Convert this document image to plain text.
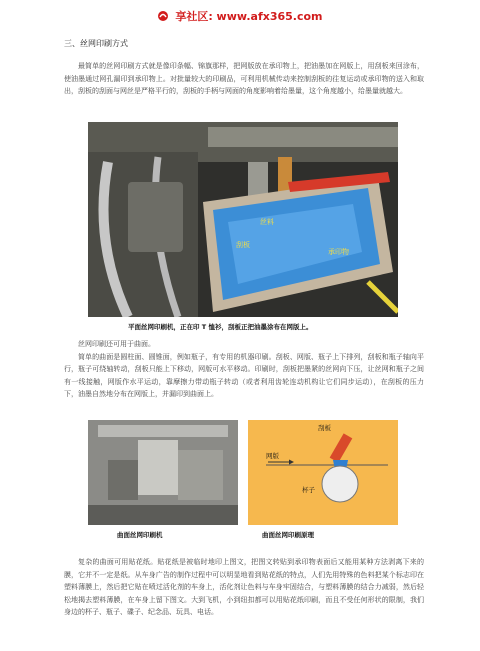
享社区: www.afx365.com
三、丝网印刷方式

最简单的丝网印刷方式就是像印条幅、锦旗那样，把网版放在承印物上，把油墨加在网版上，用刮板来回涂布，使油墨通过网孔漏印到承印物上。对批量较大的印刷品，可利用机械传动来控制刮板的往复运动或承印物的送入和取出，刮板的刮面与网丝是严格平行的，刮板的手柄与网面的角度影响着给墨量，这个角度越小，给墨量就越大。

丝料
刮板
承印物
平面丝网印刷机，正在印 T 恤衫，刮板正把油墨涂布在网版上。

丝网印刷还可用于曲面。

简单的曲面是圆柱面、圆锥面，例如瓶子，有专用的机器印刷。刮板、网版、瓶子上下排列，刮板和瓶子轴向平行，瓶子可绕轴转动，刮板只能上下移动，网版可水平移动。印刷时，刮板把墨紧的丝网向下压，让丝网和瓶子之间有一线接触，网版作水平运动，靠摩擦力带动瓶子转动（或者利用齿轮连动机构让它们同步运动），在刮板的压力下，油墨自然地分布在网版上，并漏印到曲面上。

刮板
网版
杯子
曲面丝网印刷机	曲面丝网印刷原理

复杂的曲面可用贴花纸。贴花纸是被临时地印上图文，把图文转贴到承印物表面后又能用某种方法剥离下来的膜，它并不一定是纸。从车身广告的制作过程中可以明显地看到贴花纸的特点，人们先用特殊的色料把某个标志印在塑料薄膜上，然后把它贴在喷过活化剂的车身上，活化剂让色料与车身牢固结合，与塑料薄膜的结合力减弱，然后轻松地揭去塑料薄膜，在车身上留下图文。大到飞机，小到纽扣都可以用贴花纸印刷，而且不受任何形状的限制，我们身边的杯子、瓶子、碟子、纪念品、玩具、电话。
